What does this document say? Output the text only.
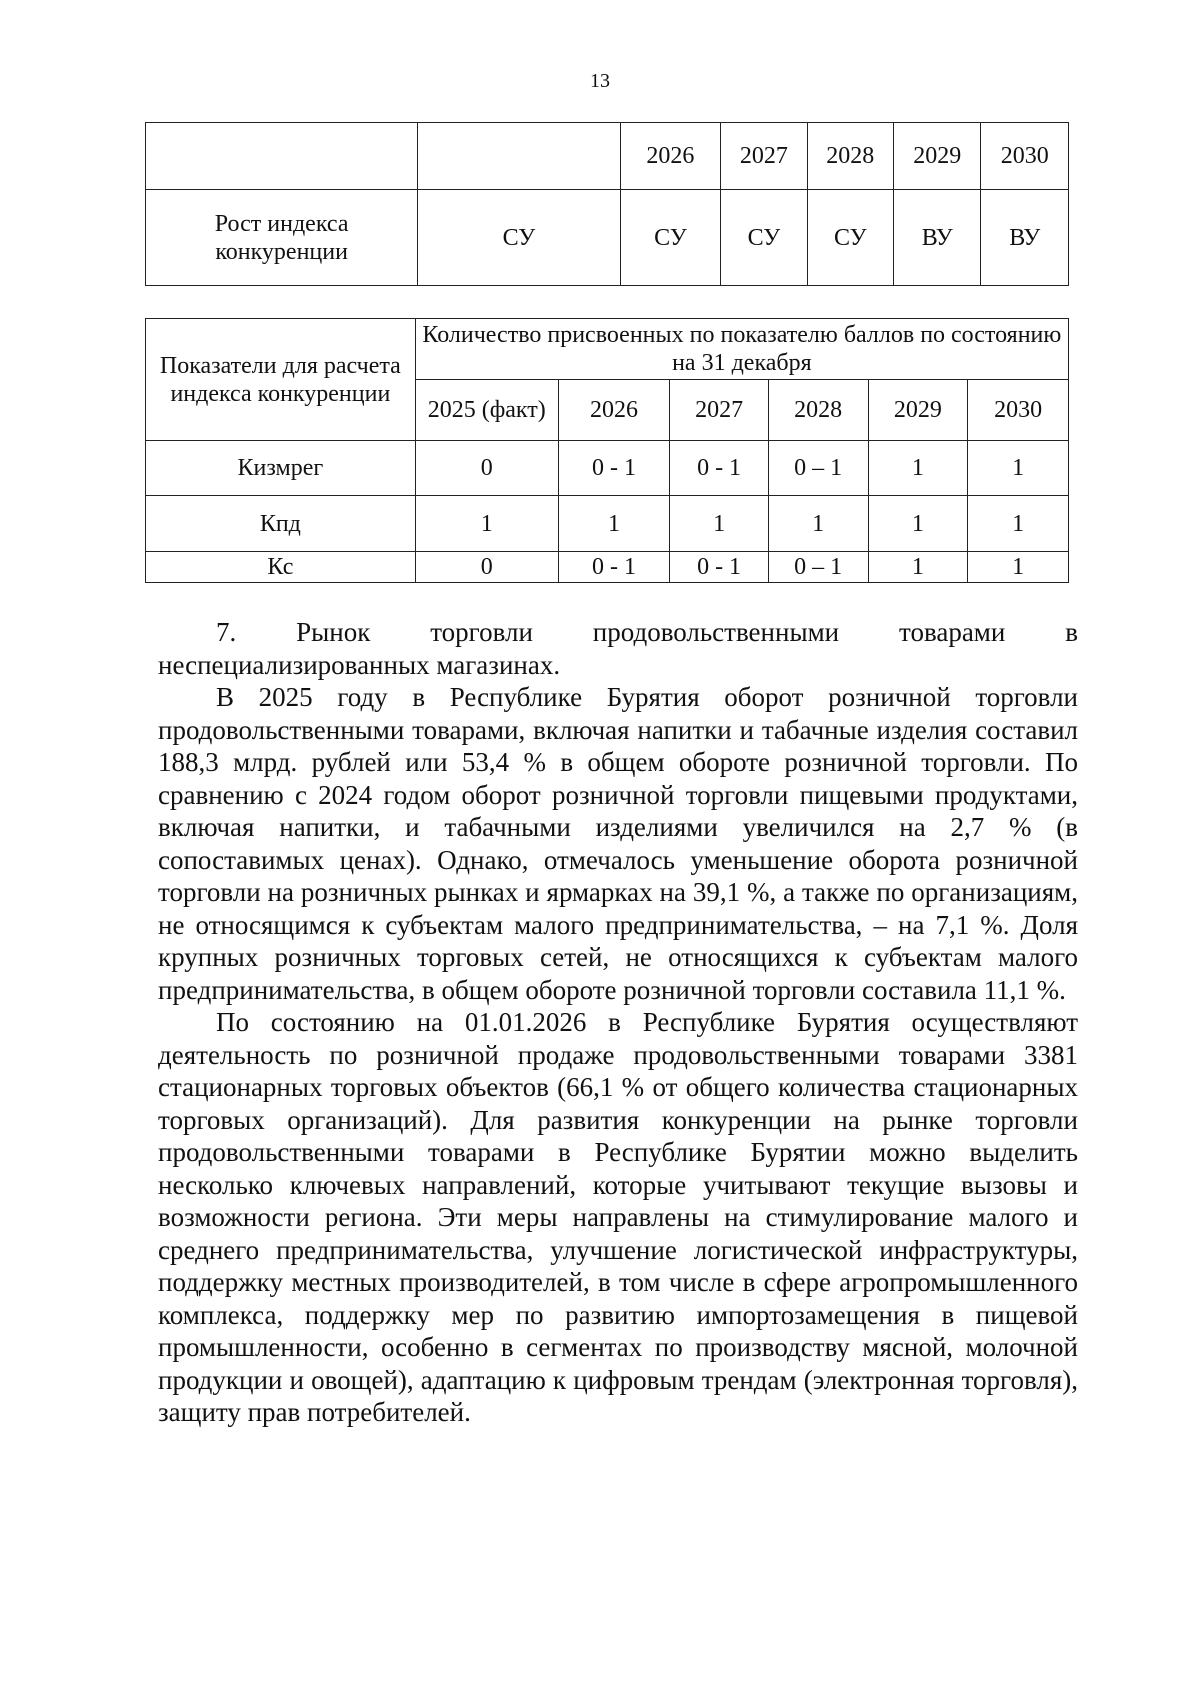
13
		2026	2027	2028	2029	2030
Рост индекса конкуренции	СУ	СУ	СУ	СУ	ВУ	ВУ
Показатели для расчета индекса конкуренции	Количество присвоенных по показателю баллов по состоянию на 31 декабря					
	2025 (факт)	2026	2027	2028	2029	2030
Кизмрег	0	0 - 1	0 - 1	0 – 1	1	1
Кпд	1	1	1	1	1	1
Кс	0	0 - 1	0 - 1	0 – 1	1	1
7. Рынок торговли продовольственными товарами в

неспециализированных магазинах.

В 2025 году в Республике Бурятия оборот розничной торговли продовольственными товарами, включая напитки и табачные изделия составил 188,3 млрд. рублей или 53,4 % в общем обороте розничной торговли. По сравнению с 2024 годом оборот розничной торговли пищевыми продуктами, включая напитки, и табачными изделиями увеличился на 2,7 % (в сопоставимых ценах). Однако, отмечалось уменьшение оборота розничной торговли на розничных рынках и ярмарках на 39,1 %, а также по организациям, не относящимся к субъектам малого предпринимательства, – на 7,1 %. Доля крупных розничных торговых сетей, не относящихся к субъектам малого предпринимательства, в общем обороте розничной торговли составила 11,1 %.

По состоянию на 01.01.2026 в Республике Бурятия осуществляют деятельность по розничной продаже продовольственными товарами 3381 стационарных торговых объектов (66,1 % от общего количества стационарных торговых организаций). Для развития конкуренции на рынке торговли продовольственными товарами в Республике Бурятии можно выделить несколько ключевых направлений, которые учитывают текущие вызовы и возможности региона. Эти меры направлены на стимулирование малого и среднего предпринимательства, улучшение логистической инфраструктуры, поддержку местных производителей, в том числе в сфере агропромышленного комплекса, поддержку мер по развитию импортозамещения в пищевой промышленности, особенно в сегментах по производству мясной, молочной продукции и овощей), адаптацию к цифровым трендам (электронная торговля), защиту прав потребителей.
